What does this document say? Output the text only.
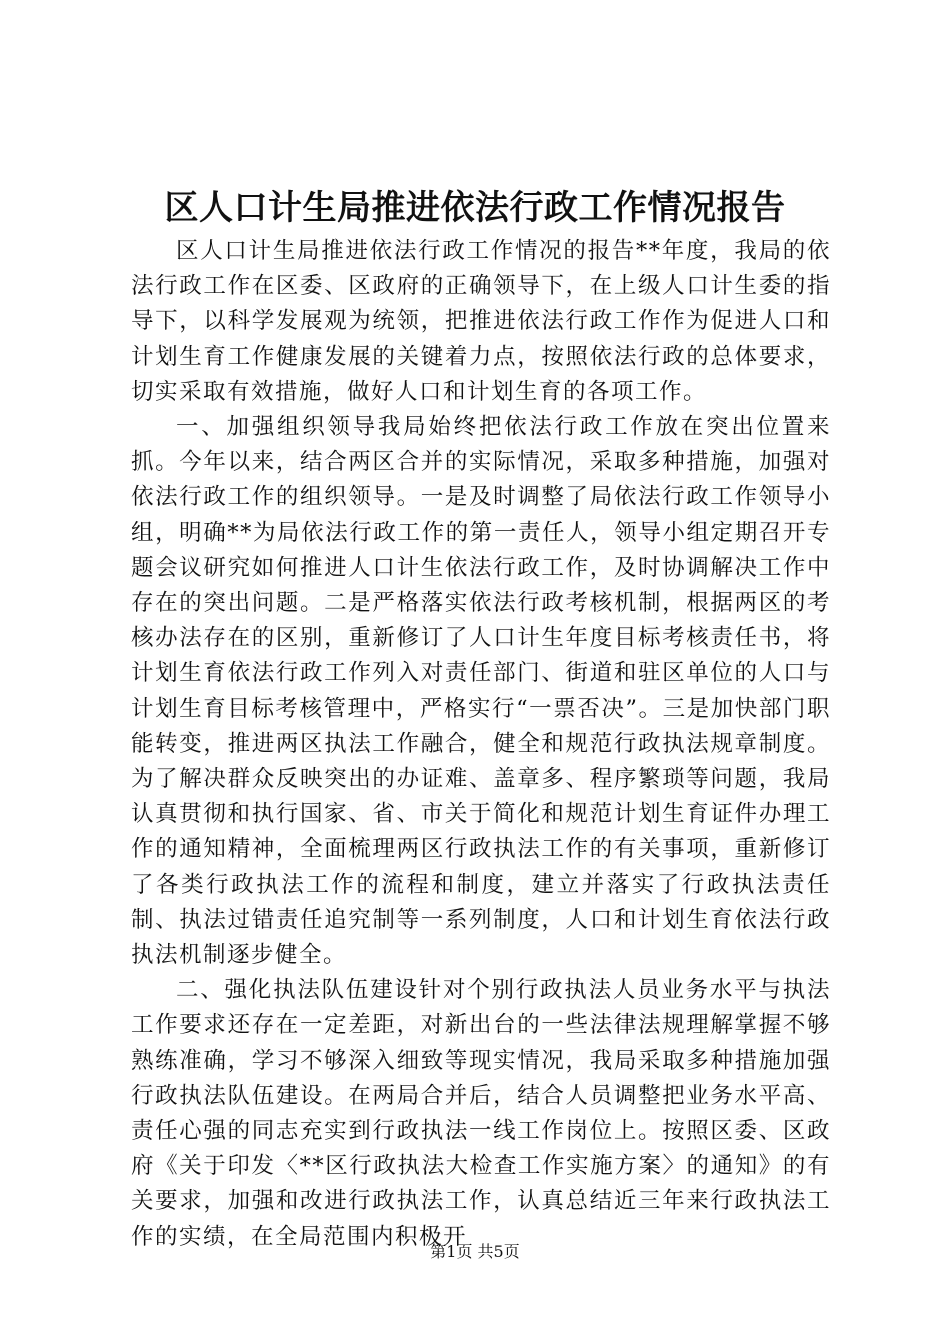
区人口计生局推进依法行政工作情况报告

区人口计生局推进依法行政工作情况的报告**年度，我局的依法行政工作在区委、区政府的正确领导下，在上级人口计生委的指导下，以科学发展观为统领，把推进依法行政工作作为促进人口和计划生育工作健康发展的关键着力点，按照依法行政的总体要求，切实采取有效措施，做好人口和计划生育的各项工作。

一、加强组织领导我局始终把依法行政工作放在突出位置来抓。今年以来，结合两区合并的实际情况，采取多种措施，加强对依法行政工作的组织领导。一是及时调整了局依法行政工作领导小组，明确**为局依法行政工作的第一责任人，领导小组定期召开专题会议研究如何推进人口计生依法行政工作，及时协调解决工作中存在的突出问题。二是严格落实依法行政考核机制，根据两区的考核办法存在的区别，重新修订了人口计生年度目标考核责任书，将计划生育依法行政工作列入对责任部门、街道和驻区单位的人口与计划生育目标考核管理中，严格实行“一票否决”。三是加快部门职能转变，推进两区执法工作融合，健全和规范行政执法规章制度。为了解决群众反映突出的办证难、盖章多、程序繁琐等问题，我局认真贯彻和执行国家、省、市关于简化和规范计划生育证件办理工作的通知精神，全面梳理两区行政执法工作的有关事项，重新修订了各类行政执法工作的流程和制度，建立并落实了行政执法责任制、执法过错责任追究制等一系列制度，人口和计划生育依法行政执法机制逐步健全。

二、强化执法队伍建设针对个别行政执法人员业务水平与执法工作要求还存在一定差距，对新出台的一些法律法规理解掌握不够熟练准确，学习不够深入细致等现实情况，我局采取多种措施加强行政执法队伍建设。在两局合并后，结合人员调整把业务水平高、责任心强的同志充实到行政执法一线工作岗位上。按照区委、区政府《关于印发〈**区行政执法大检查工作实施方案〉的通知》的有关要求，加强和改进行政执法工作，认真总结近三年来行政执法工作的实绩，在全局范围内积极开

第1页 共5页
